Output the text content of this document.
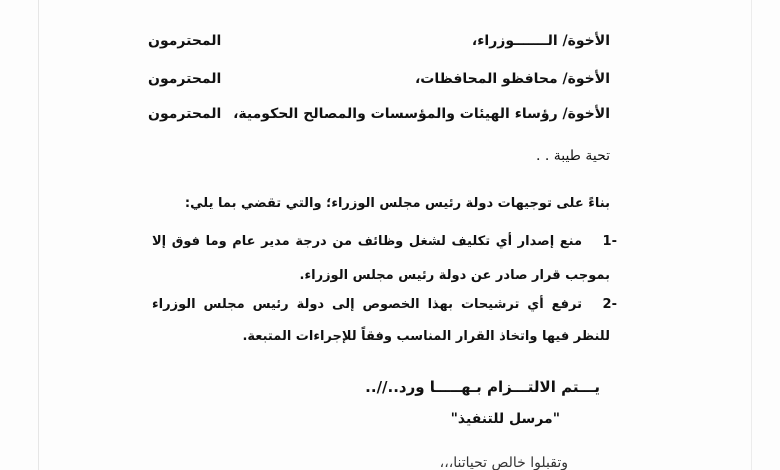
الأخوة/ الـــــــوزراء،
المحترمون
الأخوة/ محافظو المحافظات،
المحترمون
الأخوة/ رؤساء الهيئات والمؤسسات والمصالح الحكومية،
المحترمون
تحية طيبة . .
بناءً على توجيهات دولة رئيس مجلس الوزراء؛ والتي تقضي بما يلي:
1-
منع إصدار أي تكليف لشغل وظائف من درجة مدير عام وما فوق إلا
بموجب قرار صادر عن دولة رئيس مجلس الوزراء.
2-
ترفع أي ترشيحات بهذا الخصوص إلى دولة رئيس مجلس الوزراء
للنظر فيها واتخاذ القرار المناسب وفقاً للإجراءات المتبعة.
يـــتم الالتـــزام بـهـــــا ورد..//..
"مرسل للتنفيذ"
وتقبلوا خالص تحياتنا،،،
